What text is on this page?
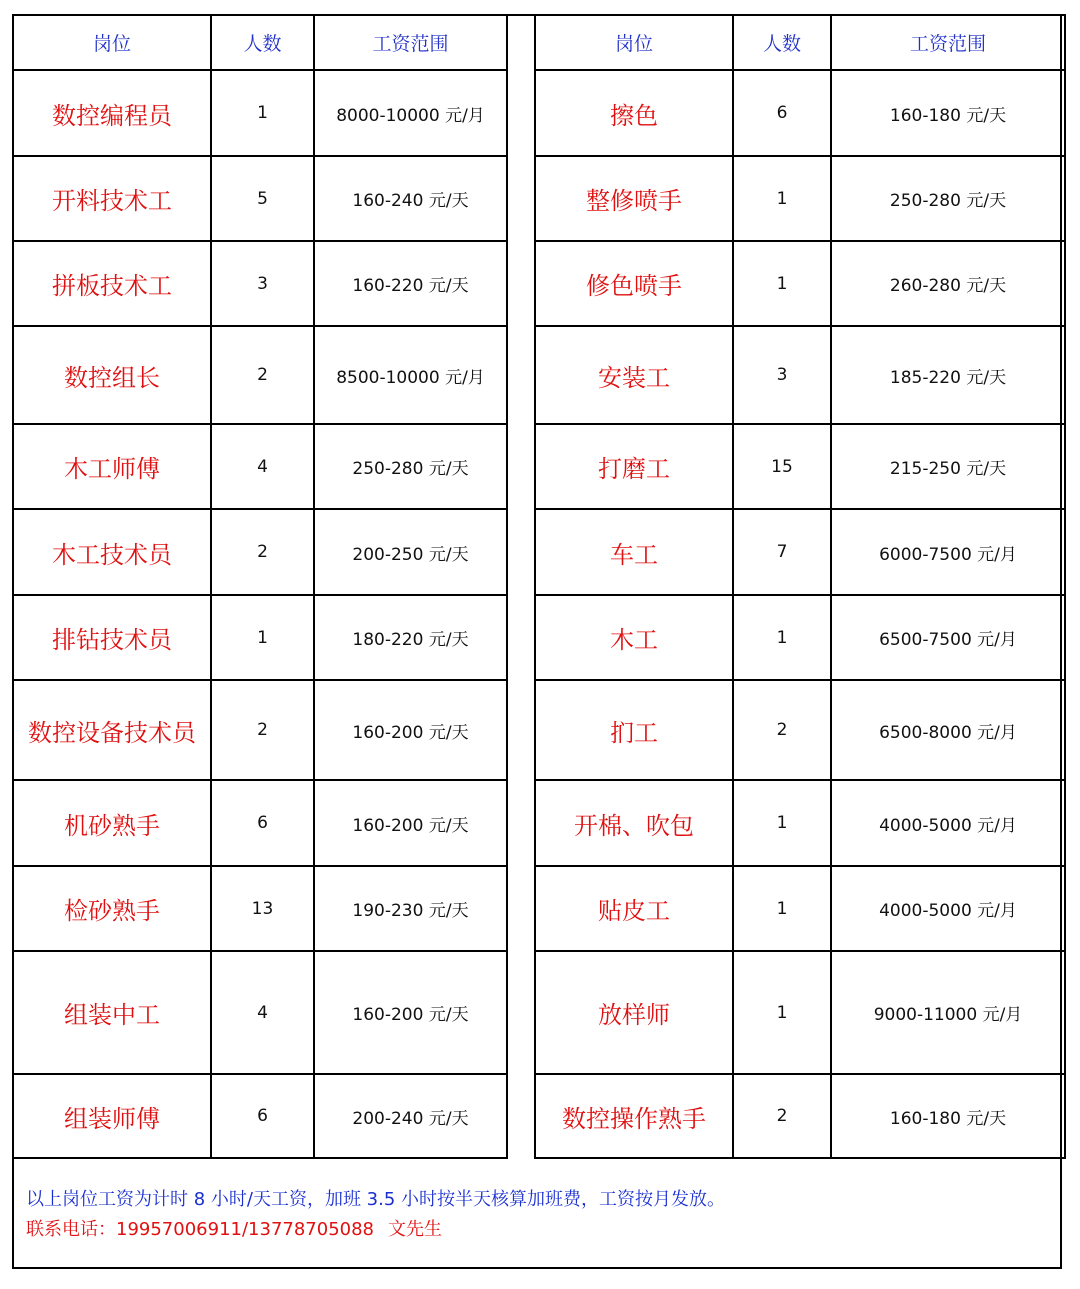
岗位	人数	工资范围
数控编程员	1	8000-10000 元/月
开料技术工	5	160-240 元/天
拼板技术工	3	160-220 元/天
数控组长	2	8500-10000 元/月
木工师傅	4	250-280 元/天
木工技术员	2	200-250 元/天
排钻技术员	1	180-220 元/天
数控设备技术员	2	160-200 元/天
机砂熟手	6	160-200 元/天
检砂熟手	13	190-230 元/天
组装中工	4	160-200 元/天
组装师傅	6	200-240 元/天
岗位	人数	工资范围
擦色	6	160-180 元/天
整修喷手	1	250-280 元/天
修色喷手	1	260-280 元/天
安装工	3	185-220 元/天
打磨工	15	215-250 元/天
车工	7	6000-7500 元/月
木工	1	6500-7500 元/月
扪工	2	6500-8000 元/月
开棉、吹包	1	4000-5000 元/月
贴皮工	1	4000-5000 元/月
放样师	1	9000-11000 元/月
数控操作熟手	2	160-180 元/天
以上岗位工资为计时 8 小时/天工资，加班 3.5 小时按半天核算加班费，工资按月发放。
联系电话：19957006911/13778705088 文先生
